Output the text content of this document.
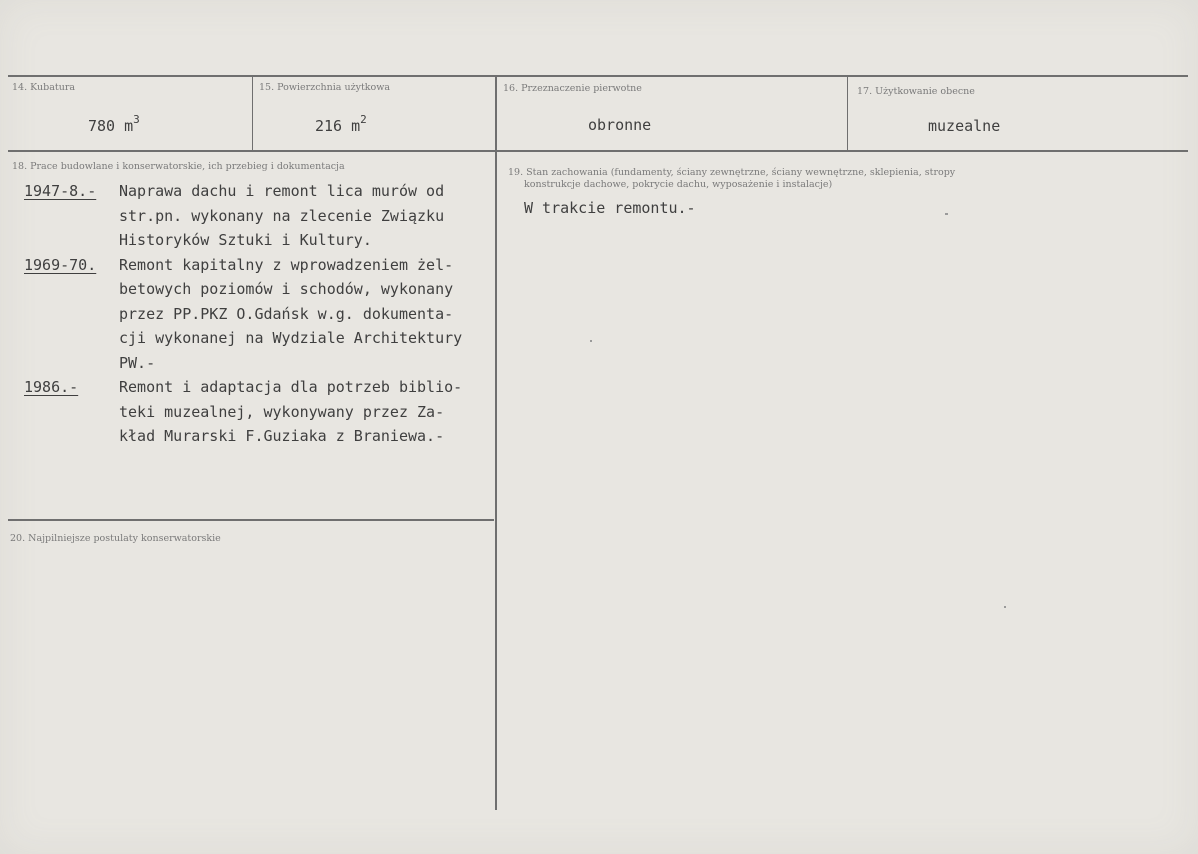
14. Kubatura
780 $m^3$
15. Powierzchnia użytkowa
216 $m^2$
16. Przeznaczenie pierwotne
obronne
17. Użytkowanie obecne
muzealne
18. Prace budowlane i konserwatorskie, ich przebieg i dokumentacja
1947-8.- Naprawa dachu i remont lica murów od
str.pn. wykonany na zlecenie Związku
Historyków Sztuki i Kultury.
1969-70. Remont kapitalny z wprowadzeniem żel-
betowych poziomów i schodów, wykonany
przez PP.PKZ O.Gdańsk w.g. dokumenta-
cji wykonanej na Wydziale Architektury
PW.-
1986.-	Remont i adaptacja dla potrzeb biblio-
teki muzealnej, wykonywany przez Za-
kład Murarski F.Guziaka z Braniewa.-
19. Stan zachowania (fundamenty, ściany zewnętrzne, ściany wewnętrzne, sklepienia, stropy
konstrukcje dachowe, pokrycie dachu, wyposażenie i instalacje)
W trakcie remontu.-
20. Najpilniejsze postulaty konserwatorskie
